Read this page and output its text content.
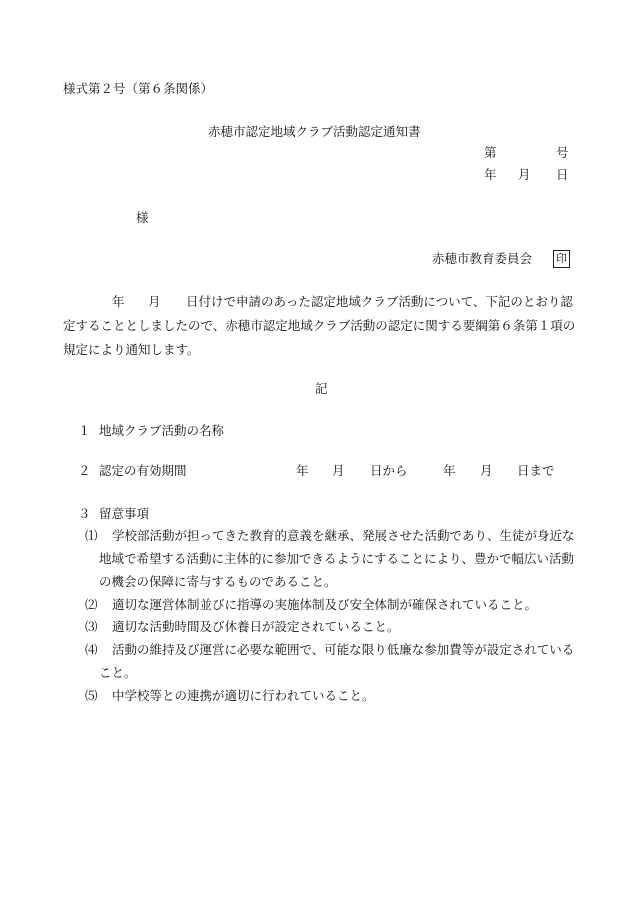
様式第２号（第６条関係）
赤穂市認定地域クラブ活動認定通知書
第	号
年 月 日
様
赤穂市教育委員会 印
年 月 日付けで申請のあった認定地域クラブ活動について、下記のとおり認
定することとしましたので、赤穂市認定地域クラブ活動の認定に関する要綱第６条第１項の
規定により通知します。
記
１ 地域クラブ活動の名称
２ 認定の有効期間	年 月 日から	年 月 日まで
３ 留意事項
⑴ 学校部活動が担ってきた教育的意義を継承、発展させた活動であり、生徒が身近な
地域で希望する活動に主体的に参加できるようにすることにより、豊かで幅広い活動
の機会の保障に寄与するものであること。
⑵ 適切な運営体制並びに指導の実施体制及び安全体制が確保されていること。
⑶ 適切な活動時間及び休養日が設定されていること。
⑷ 活動の維持及び運営に必要な範囲で、可能な限り低廉な参加費等が設定されている
こと。
⑸ 中学校等との連携が適切に行われていること。
